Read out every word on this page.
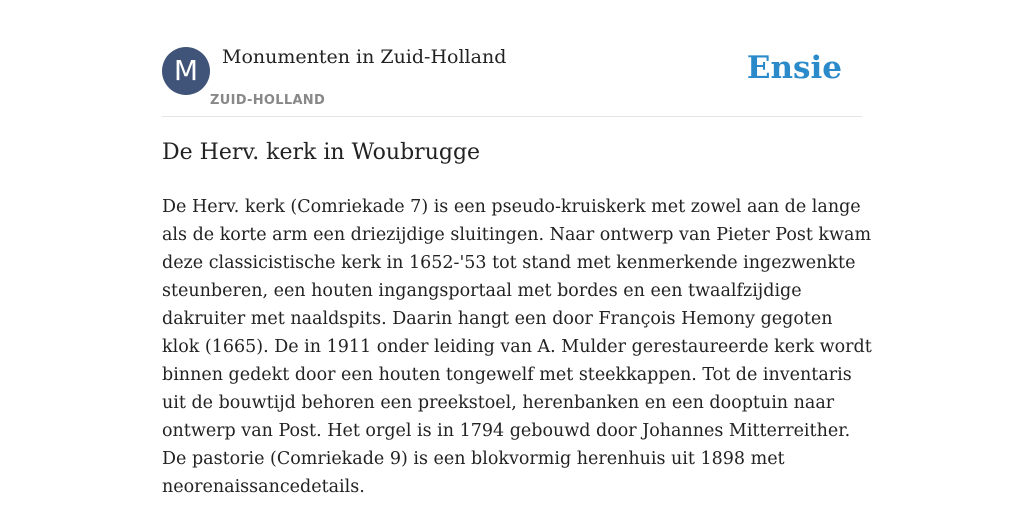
M	Monumenten in Zuid-Holland
ZUID-HOLLAND
Ensie
De Herv. kerk in Woubrugge

De Herv. kerk (Comriekade 7) is een pseudo-kruiskerk met zowel aan de lange als de korte arm een driezijdige sluitingen. Naar ontwerp van Pieter Post kwam deze classicistische kerk in 1652-'53 tot stand met kenmerkende ingezwenkte steunberen, een houten ingangsportaal met bordes en een twaalfzijdige dakruiter met naaldspits. Daarin hangt een door François Hemony gegoten klok (1665). De in 1911 onder leiding van A. Mulder gerestaureerde kerk wordt binnen gedekt door een houten tongewelf met steekkappen. Tot de inventaris uit de bouwtijd behoren een preekstoel, herenbanken en een dooptuin naar ontwerp van Post. Het orgel is in 1794 gebouwd door Johannes Mitterreither. De pastorie (Comriekade 9) is een blokvormig herenhuis uit 1898 met neorenaissancedetails.
